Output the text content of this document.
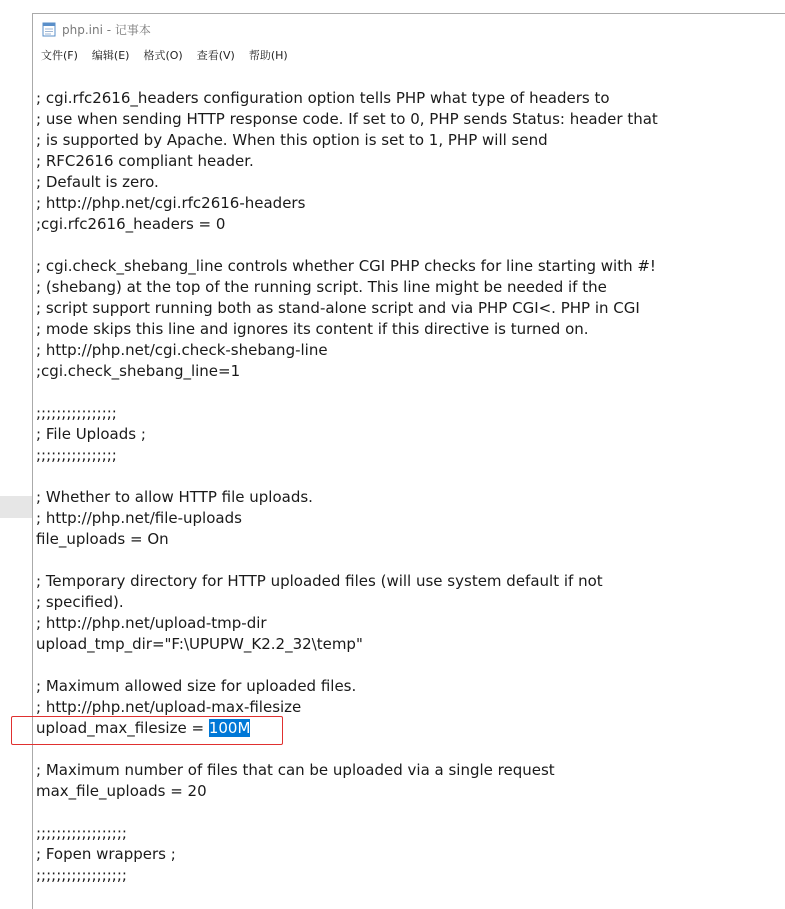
php.ini - 记事本
文件(F) 编辑(E) 格式(O) 查看(V) 帮助(H)
; cgi.rfc2616_headers configuration option tells PHP what type of headers to
; use when sending HTTP response code. If set to 0, PHP sends Status: header that
; is supported by Apache. When this option is set to 1, PHP will send
; RFC2616 compliant header.
; Default is zero.
; http://php.net/cgi.rfc2616-headers
;cgi.rfc2616_headers = 0
; cgi.check_shebang_line controls whether CGI PHP checks for line starting with #!
; (shebang) at the top of the running script. This line might be needed if the
; script support running both as stand-alone script and via PHP CGI<. PHP in CGI
; mode skips this line and ignores its content if this directive is turned on.
; http://php.net/cgi.check-shebang-line
;cgi.check_shebang_line=1
;;;;;;;;;;;;;;;;
; File Uploads ;
;;;;;;;;;;;;;;;;
; Whether to allow HTTP file uploads.
; http://php.net/file-uploads
file_uploads = On
; Temporary directory for HTTP uploaded files (will use system default if not
; specified).
; http://php.net/upload-tmp-dir
upload_tmp_dir="F:\UPUPW_K2.2_32\temp"
; Maximum allowed size for uploaded files.
; http://php.net/upload-max-filesize
upload_max_filesize = 100M
; Maximum number of files that can be uploaded via a single request
max_file_uploads = 20
;;;;;;;;;;;;;;;;;;
; Fopen wrappers ;
;;;;;;;;;;;;;;;;;;
